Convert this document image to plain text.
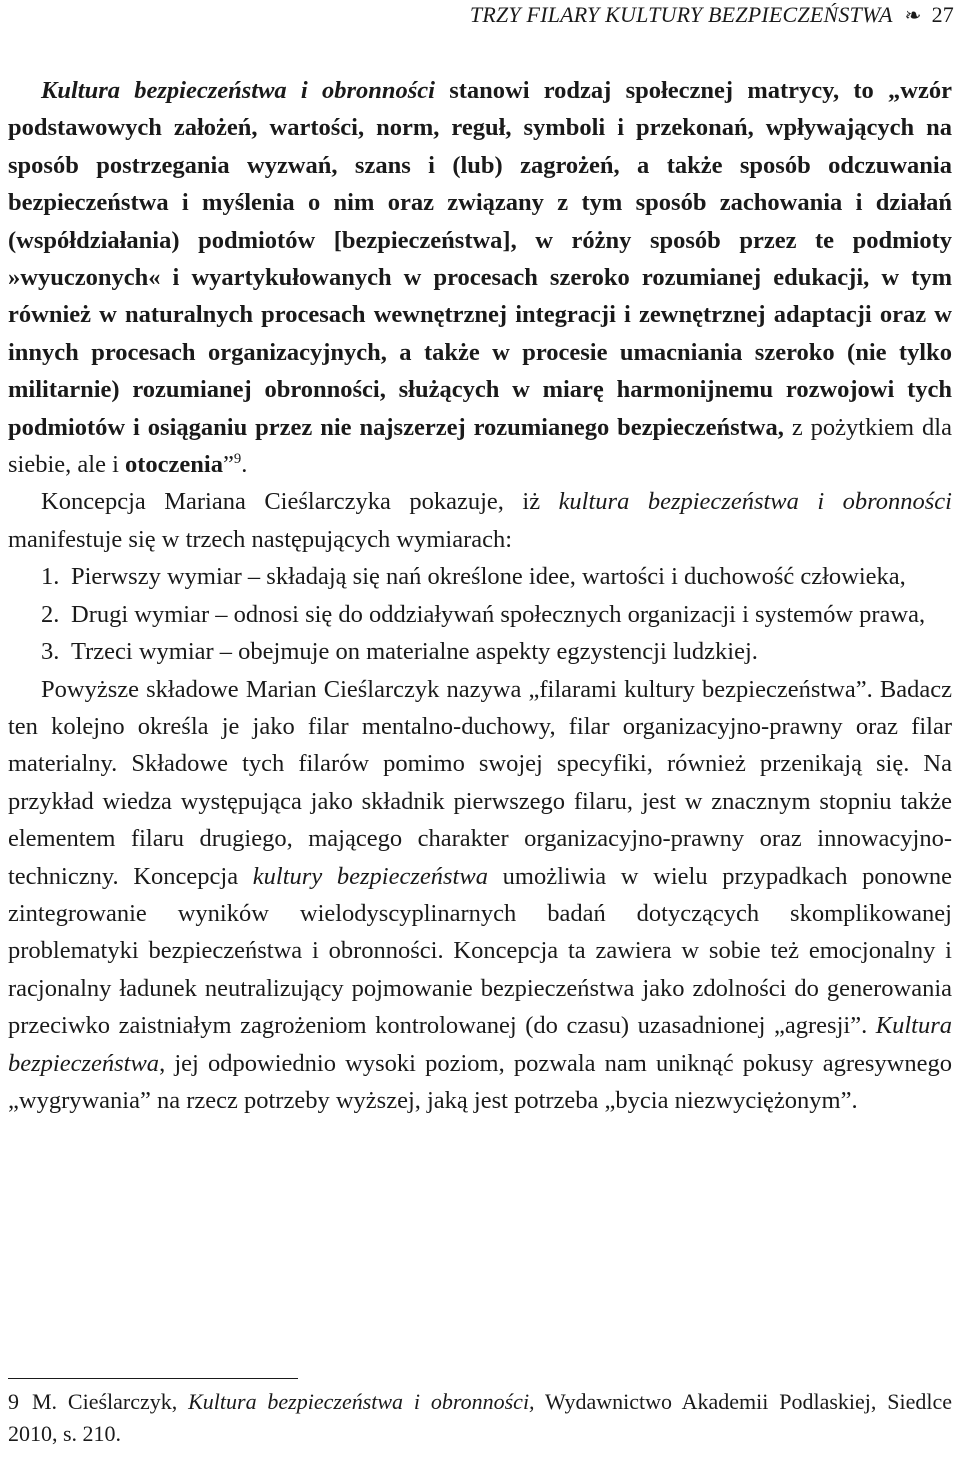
TRZY FILARY KULTURY BEZPIECZEŃSTWA ❧ 27

Kultura bezpieczeństwa i obronności stanowi rodzaj społecznej matrycy, to „wzór podstawowych założeń, wartości, norm, reguł, symboli i przekonań, wpływających na sposób postrzegania wyzwań, szans i (lub) zagrożeń, a także sposób odczuwania bezpieczeństwa i myślenia o nim oraz związany z tym sposób zachowania i działań (współdziałania) podmiotów [bezpieczeństwa], w różny sposób przez te podmioty »wyuczonych« i wyartykułowanych w procesach szeroko rozumianej edukacji, w tym również w naturalnych procesach wewnętrznej integracji i zewnętrznej adaptacji oraz w innych procesach organizacyjnych, a także w procesie umacniania szeroko (nie tylko militarnie) rozumianej obronności, służących w miarę harmonijnemu rozwojowi tych podmiotów i osiąganiu przez nie najszerzej rozumianego bezpieczeństwa, z pożytkiem dla siebie, ale i otoczenia”$^9$.

Koncepcja Mariana Cieślarczyka pokazuje, iż kultura bezpieczeństwa i obronności manifestuje się w trzech następujących wymiarach:

1. Pierwszy wymiar – składają się nań określone idee, wartości i duchowość człowieka,
2. Drugi wymiar – odnosi się do oddziaływań społecznych organizacji i systemów prawa,
3. Trzeci wymiar – obejmuje on materialne aspekty egzystencji ludzkiej.

Powyższe składowe Marian Cieślarczyk nazywa „filarami kultury bezpieczeństwa”. Badacz ten kolejno określa je jako filar mentalno-duchowy, filar organizacyjno-prawny oraz filar materialny. Składowe tych filarów pomimo swojej specyfiki, również przenikają się. Na przykład wiedza występująca jako składnik pierwszego filaru, jest w znacznym stopniu także elementem filaru drugiego, mającego charakter organizacyjno-prawny oraz innowacyjno-techniczny. Koncepcja kultury bezpieczeństwa umożliwia w wielu przypadkach ponowne zintegrowanie wyników wielodyscyplinarnych badań dotyczących skomplikowanej problematyki bezpieczeństwa i obronności. Koncepcja ta zawiera w sobie też emocjonalny i racjonalny ładunek neutralizujący pojmowanie bezpieczeństwa jako zdolności do generowania przeciwko zaistniałym zagrożeniom kontrolowanej (do czasu) uzasadnionej „agresji”. Kultura bezpieczeństwa, jej odpowiednio wysoki poziom, pozwala nam uniknąć pokusy agresywnego „wygrywania” na rzecz potrzeby wyższej, jaką jest potrzeba „bycia niezwyciężonym”.

9 M. Cieślarczyk, Kultura bezpieczeństwa i obronności, Wydawnictwo Akademii Podlaskiej, Siedlce 2010, s. 210.
